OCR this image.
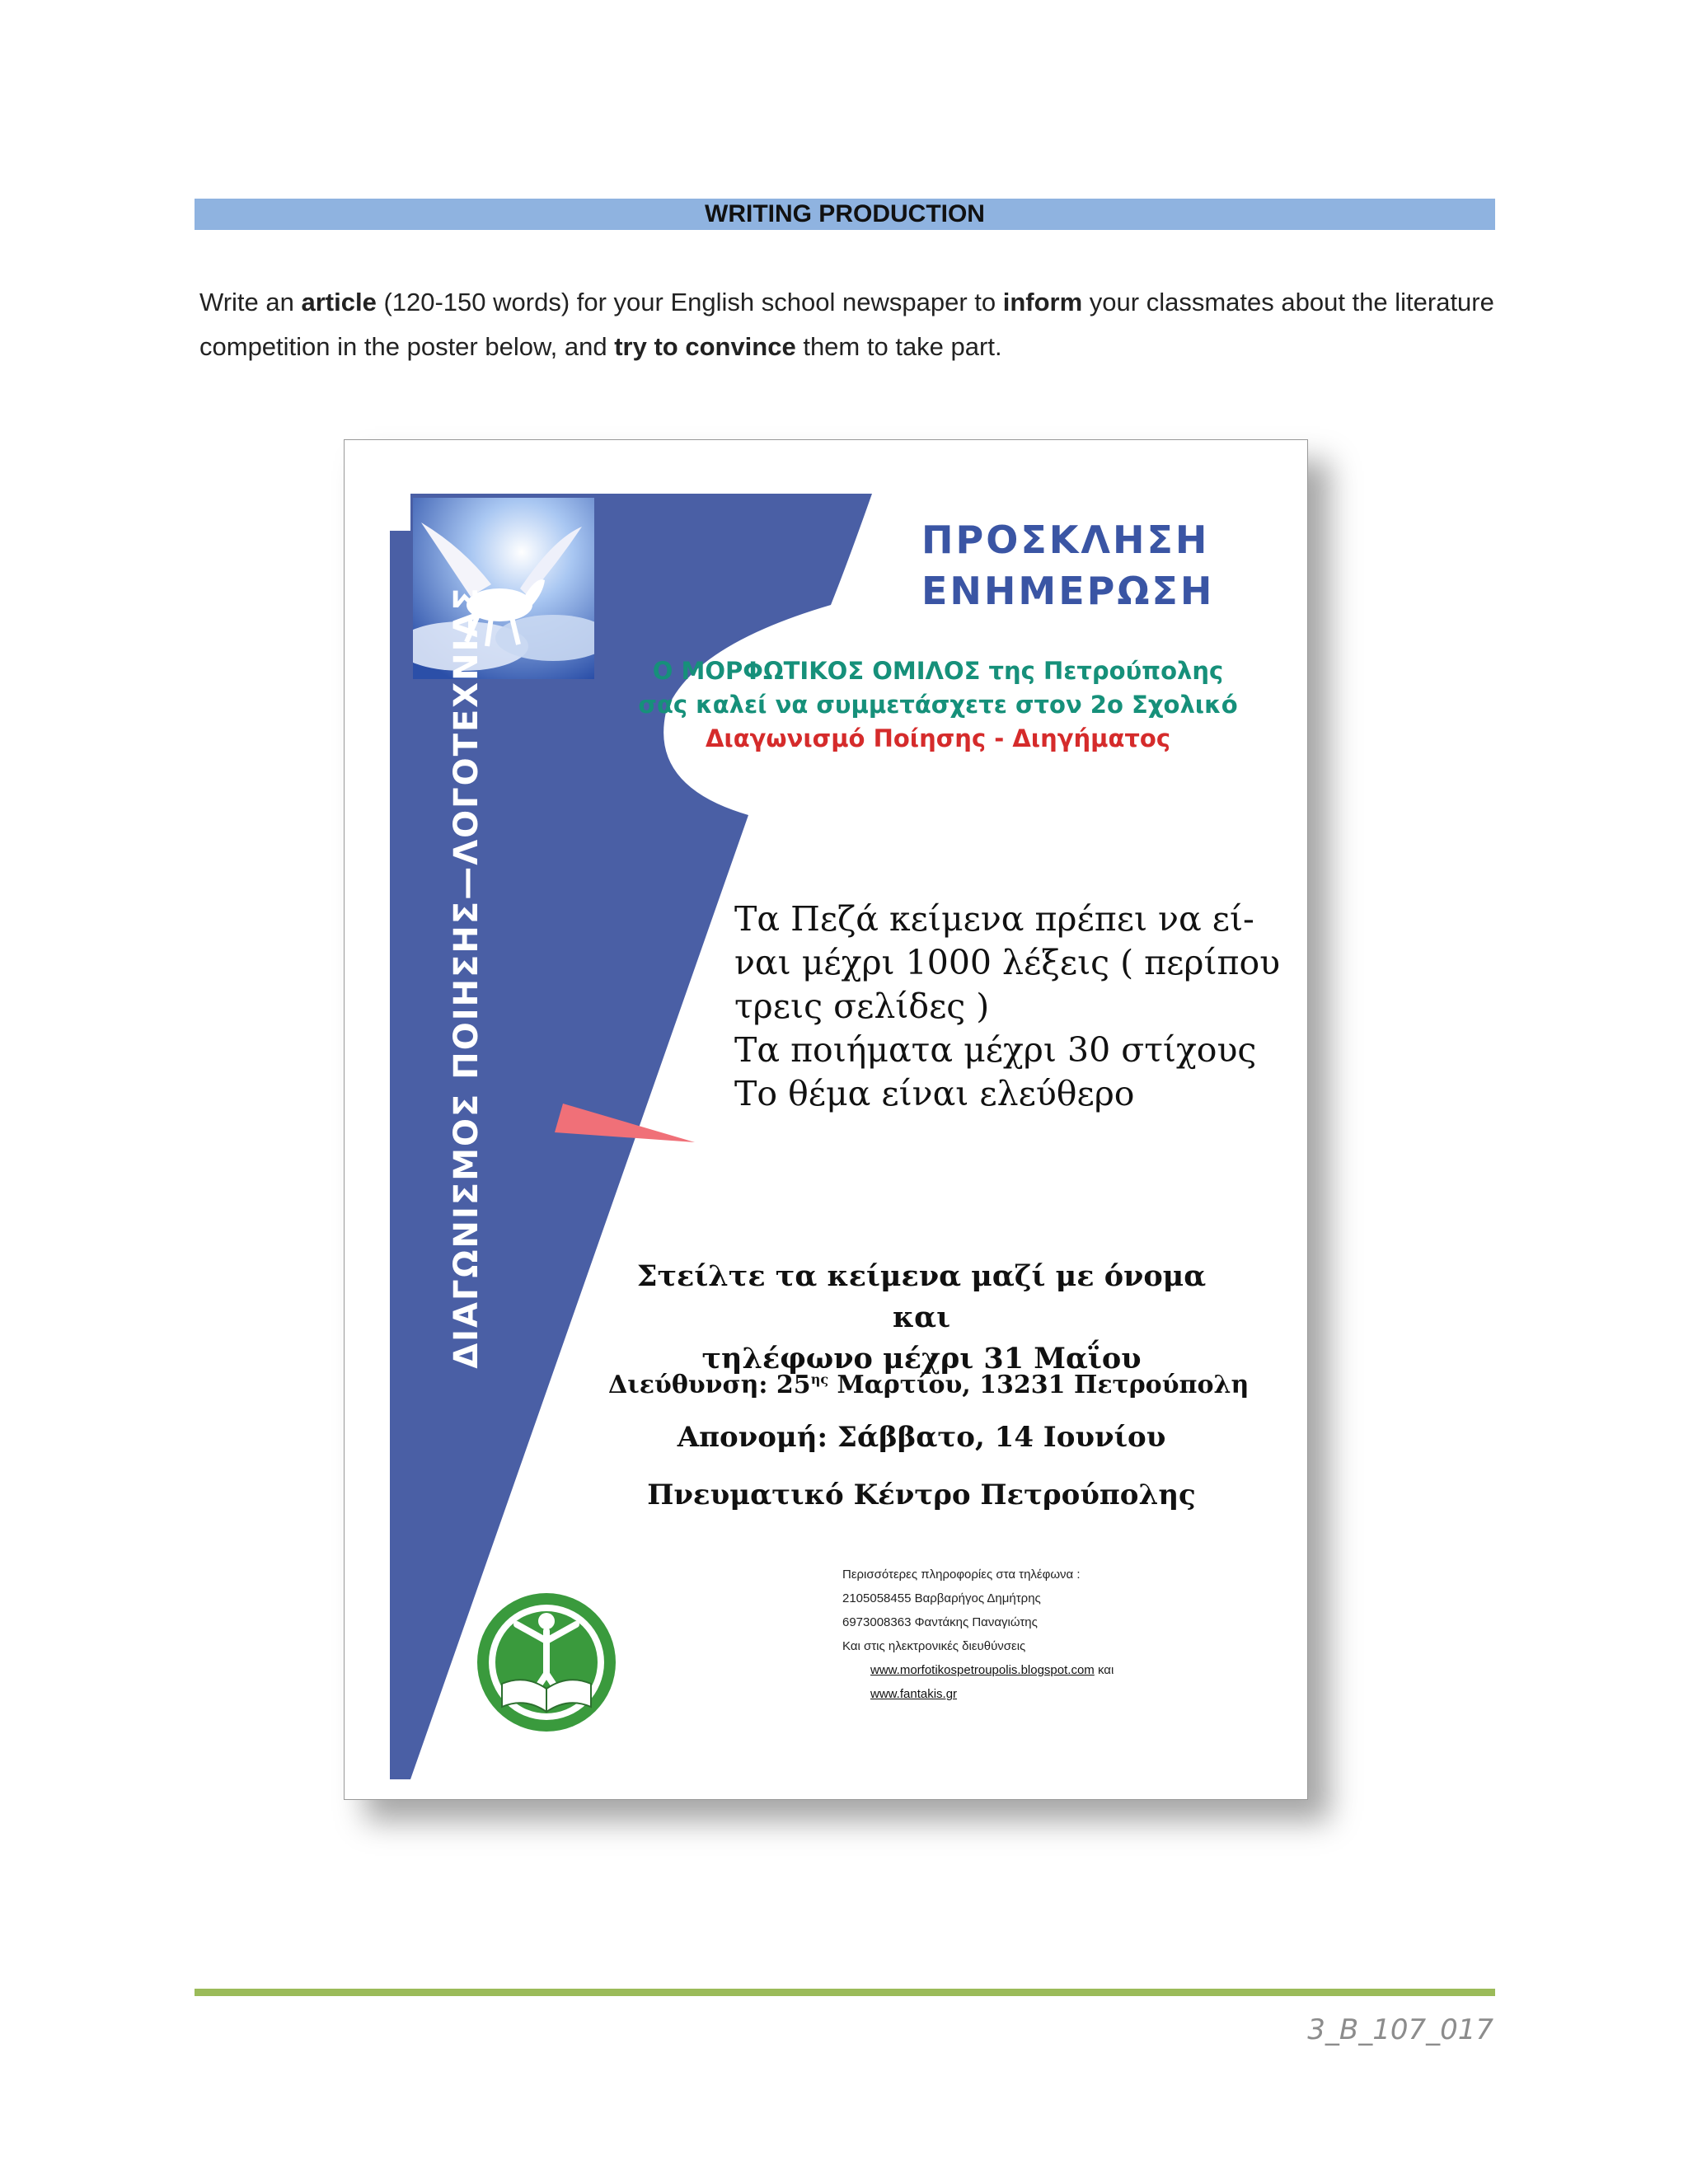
WRITING PRODUCTION
Write an article (120-150 words) for your English school newspaper to inform your classmates about the literature competition in the poster below, and try to convince them to take part.
ΔΙΑΓΩΝΙΣΜΟΣ ΠΟΙΗΣΗΣ—ΛΟΓΟΤΕΧΝΙΑΣ
ΠΡΟΣΚΛΗΣΗ
ΕΝΗΜΕΡΩΣΗ
Ο ΜΟΡΦΩΤΙΚΟΣ ΟΜΙΛΟΣ της Πετρούπολης
σας καλεί να συμμετάσχετε στον 2ο Σχολικό
Διαγωνισμό Ποίησης - Διηγήματος
Τα Πεζά κείμενα πρέπει να εί-
ναι μέχρι 1000 λέξεις ( περίπου
τρεις σελίδες )
Τα ποιήματα μέχρι 30 στίχους
Το θέμα είναι ελεύθερο
Στείλτε τα κείμενα μαζί με όνομα και
τηλέφωνο μέχρι 31 Μαΐου
Διεύθυνση: $25^{\eta\varsigma}$ Μαρτίου, 13231 Πετρούπολη
Απονομή: Σάββατο, 14 Ιουνίου
Πνευματικό Κέντρο Πετρούπολης
Περισσότερες πληροφορίες στα τηλέφωνα :
2105058455 Βαρβαρήγος Δημήτρης
6973008363 Φαντάκης Παναγιώτης
Και στις ηλεκτρονικές διευθύνσεις
www.morfotikospetroupolis.blogspot.com και
www.fantakis.gr
3_B_107_017
